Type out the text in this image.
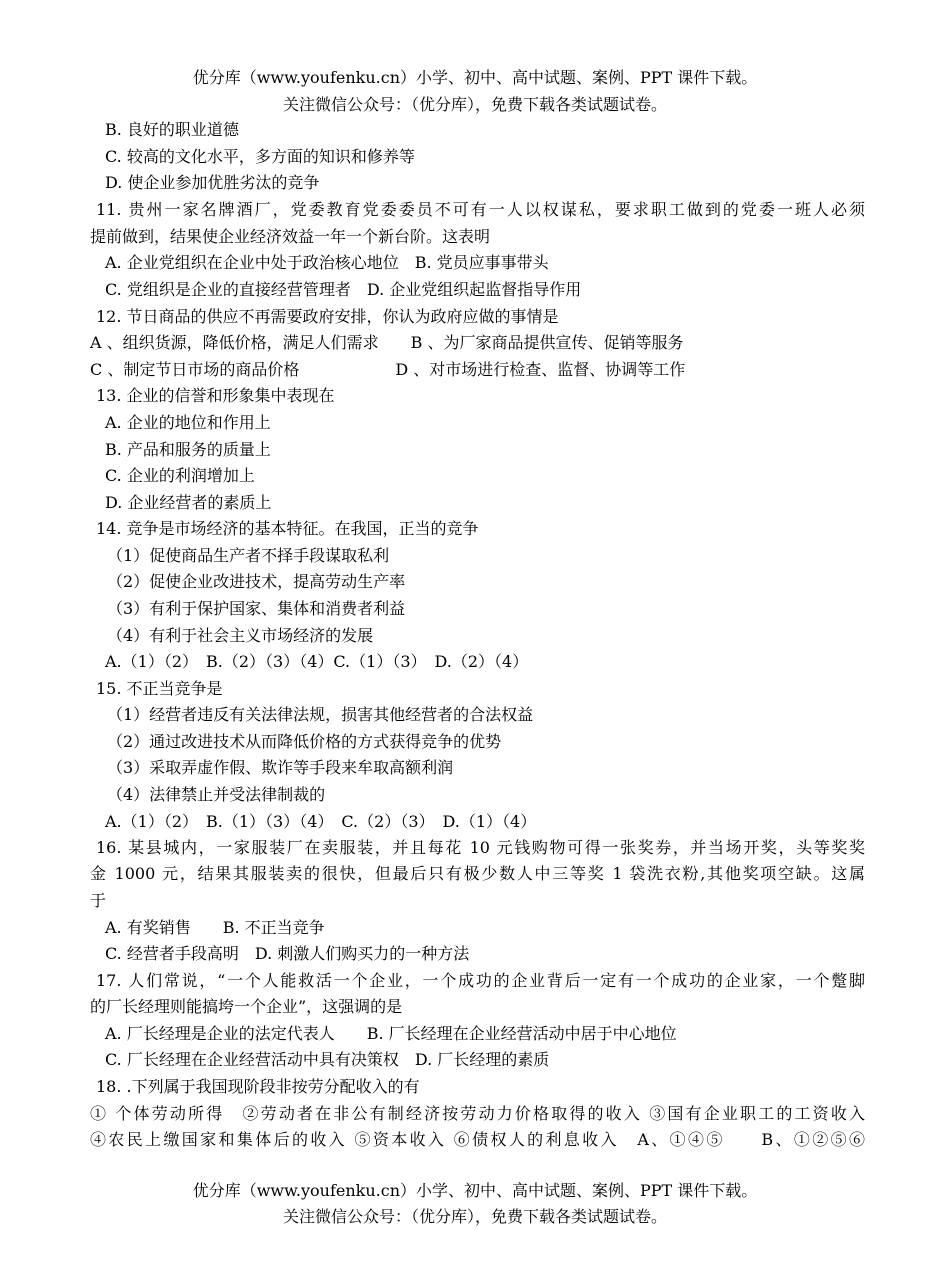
优分库（www.youfenku.cn）小学、初中、高中试题、案例、PPT 课件下载。
关注微信公众号：（优分库），免费下载各类试题试卷。
B. 良好的职业道德
C. 较高的文化水平，多方面的知识和修养等
D. 使企业参加优胜劣汰的竞争
11. 贵州一家名牌酒厂，党委教育党委委员不可有一人以权谋私，要求职工做到的党委一班人必须
提前做到，结果使企业经济效益一年一个新台阶。这表明
A. 企业党组织在企业中处于政治核心地位　B. 党员应事事带头
C. 党组织是企业的直接经营管理者　D. 企业党组织起监督指导作用
12. 节日商品的供应不再需要政府安排，你认为政府应做的事情是
A 、组织货源，降低价格，满足人们需求　　B 、为厂家商品提供宣传、促销等服务
C 、制定节日市场的商品价格　　　　　　D 、对市场进行检查、监督、协调等工作
13. 企业的信誉和形象集中表现在
A. 企业的地位和作用上
B. 产品和服务的质量上
C. 企业的利润增加上
D. 企业经营者的素质上
14. 竞争是市场经济的基本特征。在我国，正当的竞争
（1）促使商品生产者不择手段谋取私利
（2）促使企业改进技术，提高劳动生产率
（3）有利于保护国家、集体和消费者利益
（4）有利于社会主义市场经济的发展
A.（1）（2）　B.（2）（3）（4）C.（1）（3）　D.（2）（4）
15. 不正当竞争是
（1）经营者违反有关法律法规，损害其他经营者的合法权益
（2）通过改进技术从而降低价格的方式获得竞争的优势
（3）采取弄虚作假、欺诈等手段来牟取高额利润
（4）法律禁止并受法律制裁的
A.（1）（2）　B.（1）（3）（4）　C.（2）（3）　D.（1）（4）
16. 某县城内，一家服装厂在卖服装，并且每花 10 元钱购物可得一张奖券，并当场开奖，头等奖奖
金 1000 元，结果其服装卖的很快，但最后只有极少数人中三等奖 1 袋洗衣粉,其他奖项空缺。这属
于
A. 有奖销售　　B. 不正当竞争
C. 经营者手段高明　D. 刺激人们购买力的一种方法
17. 人们常说，“一个人能救活一个企业，一个成功的企业背后一定有一个成功的企业家，一个蹩脚
的厂长经理则能搞垮一个企业”，这强调的是
A. 厂长经理是企业的法定代表人　　B. 厂长经理在企业经营活动中居于中心地位
C. 厂长经理在企业经营活动中具有决策权　D. 厂长经理的素质
18. .下列属于我国现阶段非按劳分配收入的有
① 个体劳动所得　②劳动者在非公有制经济按劳动力价格取得的收入 ③国有企业职工的工资收入
④农民上缴国家和集体后的收入 ⑤资本收入 ⑥债权人的利息收入　A、①④⑤　　B、①②⑤⑥
优分库（www.youfenku.cn）小学、初中、高中试题、案例、PPT 课件下载。
关注微信公众号：（优分库），免费下载各类试题试卷。
